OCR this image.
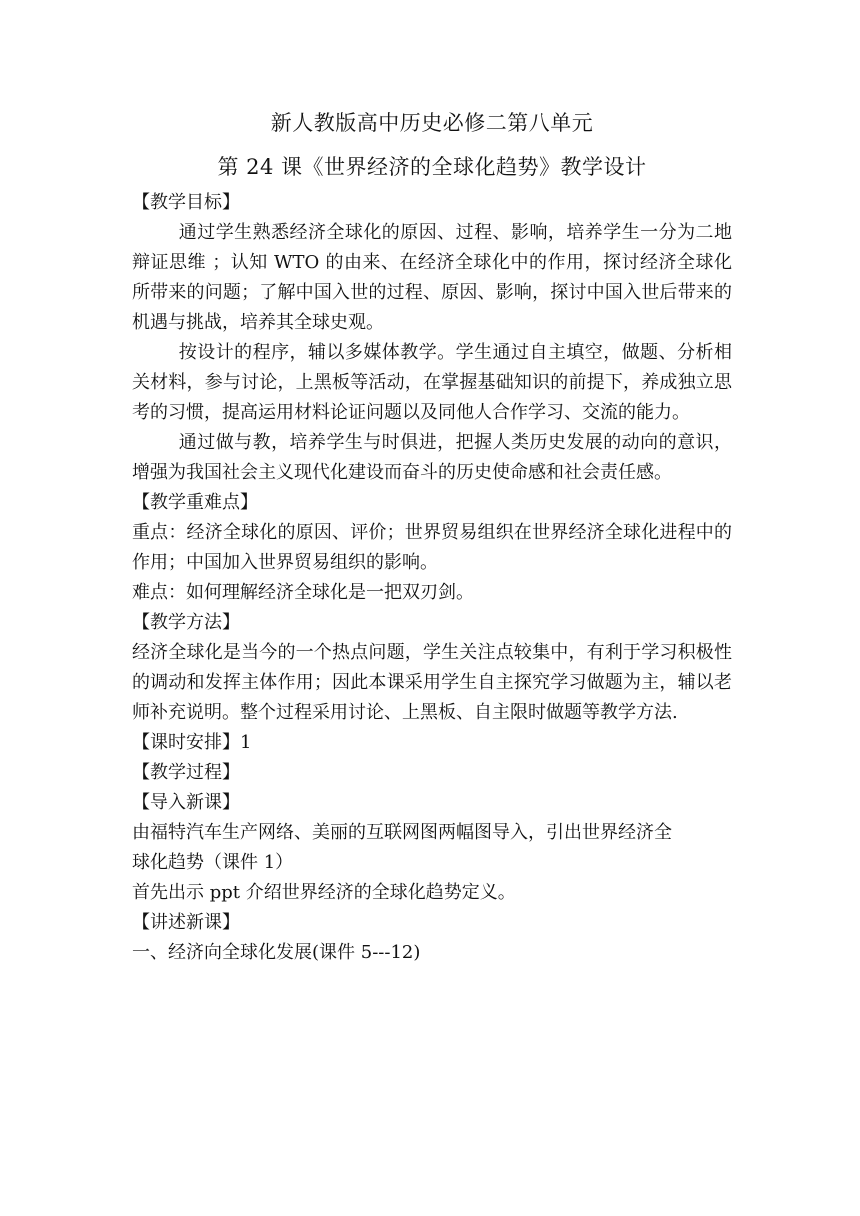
新人教版高中历史必修二第八单元
第 24 课《世界经济的全球化趋势》教学设计

【教学目标】

通过学生熟悉经济全球化的原因、过程、影响，培养学生一分为二地辩证思维 ；认知 WTO 的由来、在经济全球化中的作用，探讨经济全球化所带来的问题；了解中国入世的过程、原因、影响，探讨中国入世后带来的机遇与挑战，培养其全球史观。

按设计的程序，辅以多媒体教学。学生通过自主填空，做题、分析相关材料，参与讨论，上黑板等活动，在掌握基础知识的前提下，养成独立思考的习惯，提高运用材料论证问题以及同他人合作学习、交流的能力。

通过做与教，培养学生与时俱进，把握人类历史发展的动向的意识，增强为我国社会主义现代化建设而奋斗的历史使命感和社会责任感。

【教学重难点】

重点：经济全球化的原因、评价；世界贸易组织在世界经济全球化进程中的作用；中国加入世界贸易组织的影响。

难点：如何理解经济全球化是一把双刃剑。

【教学方法】

经济全球化是当今的一个热点问题，学生关注点较集中，有利于学习积极性的调动和发挥主体作用；因此本课采用学生自主探究学习做题为主，辅以老师补充说明。整个过程采用讨论、上黑板、自主限时做题等教学方法.

【课时安排】1

【教学过程】

【导入新课】

由福特汽车生产网络、美丽的互联网图两幅图导入，引出世界经济全

球化趋势（课件 1）

首先出示 ppt 介绍世界经济的全球化趋势定义。

【讲述新课】

一、经济向全球化发展(课件 5---12)
